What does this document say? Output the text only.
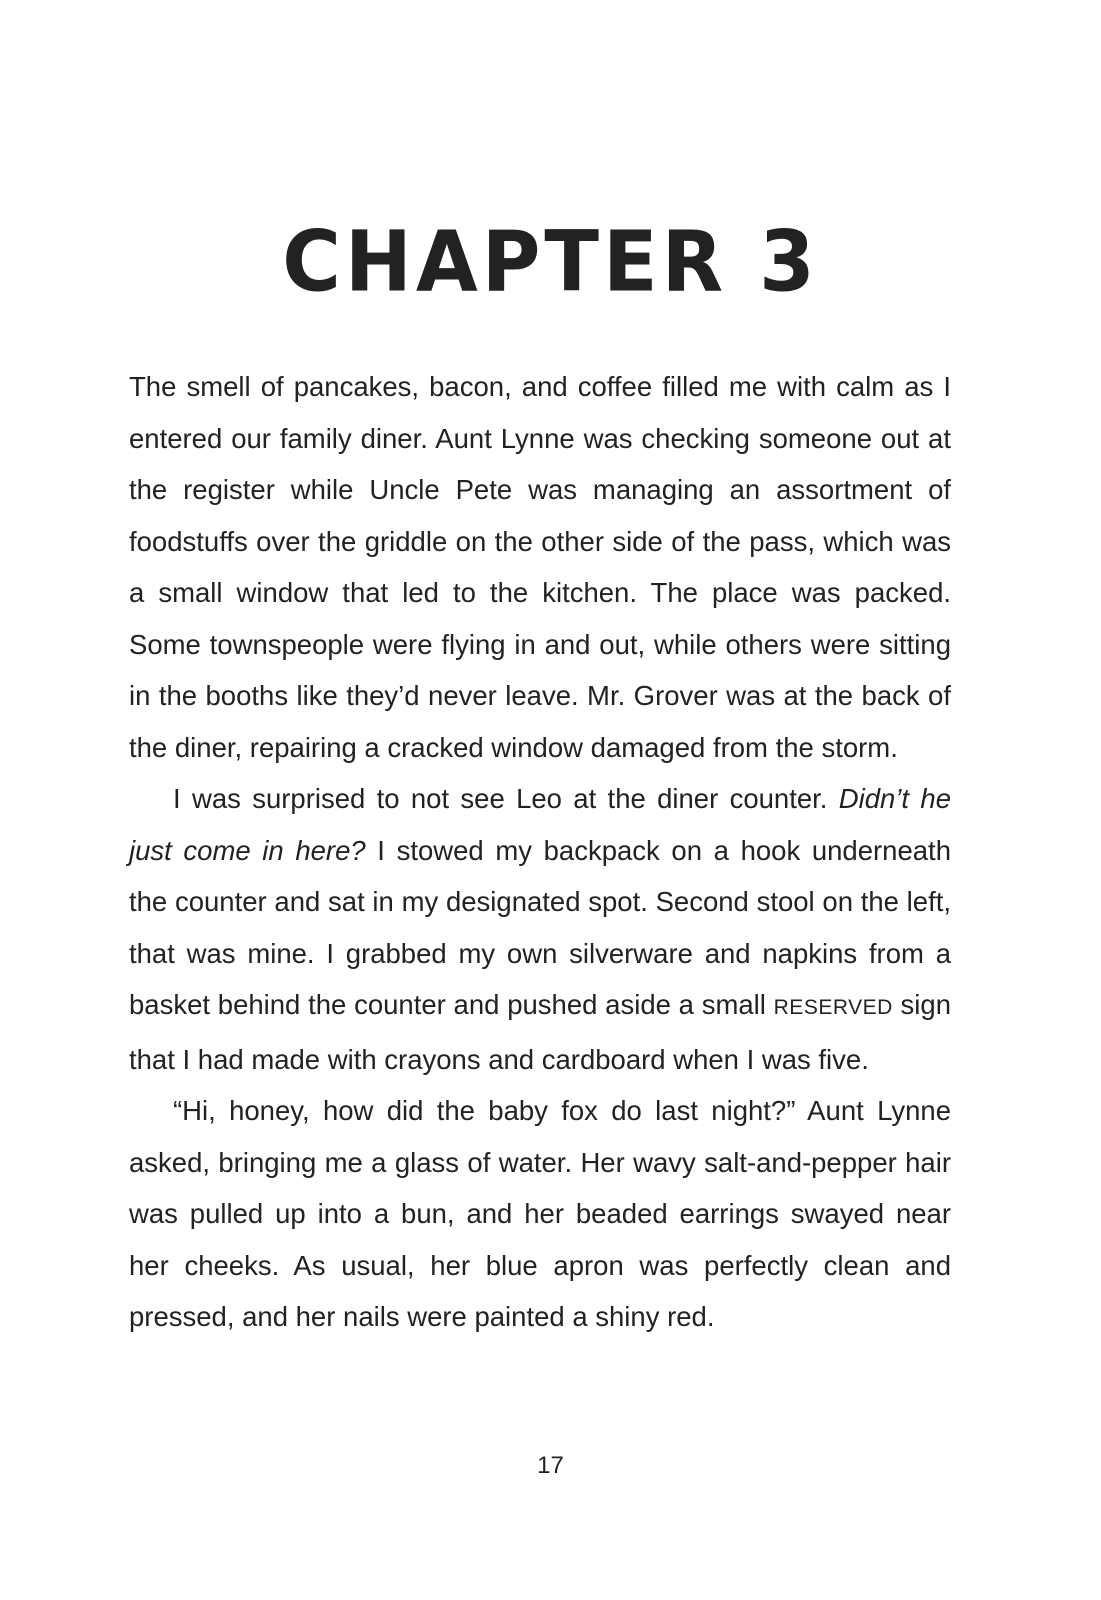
CHAPTER 3

The smell of pancakes, bacon, and coffee filled me with calm as I entered our family diner. Aunt Lynne was checking someone out at the register while Uncle Pete was managing an assortment of foodstuffs over the griddle on the other side of the pass, which was a small window that led to the kitchen. The place was packed. Some townspeople were flying in and out, while others were sitting in the booths like they’d never leave. Mr. Grover was at the back of the diner, repairing a cracked window damaged from the storm.

I was surprised to not see Leo at the diner counter. Didn’t he just come in here? I stowed my backpack on a hook underneath the counter and sat in my designated spot. Second stool on the left, that was mine. I grabbed my own silverware and napkins from a basket behind the counter and pushed aside a small RESERVED sign that I had made with crayons and cardboard when I was five.

“Hi, honey, how did the baby fox do last night?” Aunt Lynne asked, bringing me a glass of water. Her wavy salt-and-pepper hair was pulled up into a bun, and her beaded earrings swayed near her cheeks. As usual, her blue apron was perfectly clean and pressed, and her nails were painted a shiny red.

17
